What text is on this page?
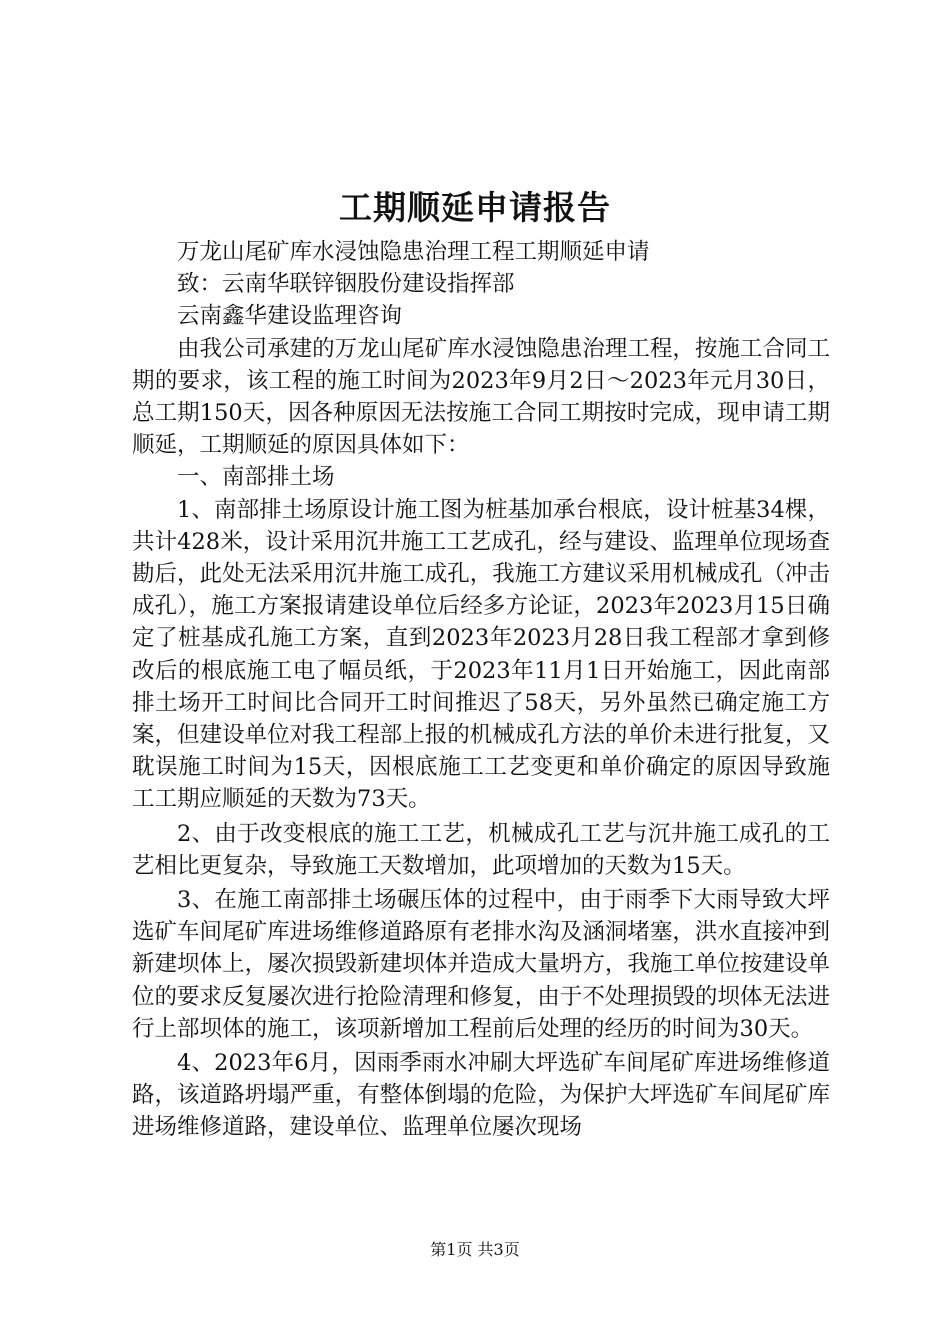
工期顺延申请报告

万龙山尾矿库水浸蚀隐患治理工程工期顺延申请

致：云南华联锌铟股份建设指挥部

云南鑫华建设监理咨询

由我公司承建的万龙山尾矿库水浸蚀隐患治理工程，按施工合同工期的要求，该工程的施工时间为2023年9月2日～2023年元月30日，总工期150天，因各种原因无法按施工合同工期按时完成，现申请工期顺延，工期顺延的原因具体如下：

一、南部排土场

1、南部排土场原设计施工图为桩基加承台根底，设计桩基34棵，共计428米，设计采用沉井施工工艺成孔，经与建设、监理单位现场查勘后，此处无法采用沉井施工成孔，我施工方建议采用机械成孔（冲击成孔），施工方案报请建设单位后经多方论证，2023年2023月15日确定了桩基成孔施工方案，直到2023年2023月28日我工程部才拿到修改后的根底施工电了幅员纸，于2023年11月1日开始施工，因此南部排土场开工时间比合同开工时间推迟了58天，另外虽然已确定施工方案，但建设单位对我工程部上报的机械成孔方法的单价未进行批复，又耽误施工时间为15天，因根底施工工艺变更和单价确定的原因导致施工工期应顺延的天数为73天。

2、由于改变根底的施工工艺，机械成孔工艺与沉井施工成孔的工艺相比更复杂，导致施工天数增加，此项增加的天数为15天。

3、在施工南部排土场碾压体的过程中，由于雨季下大雨导致大坪选矿车间尾矿库进场维修道路原有老排水沟及涵洞堵塞，洪水直接冲到新建坝体上，屡次损毁新建坝体并造成大量坍方，我施工单位按建设单位的要求反复屡次进行抢险清理和修复，由于不处理损毁的坝体无法进行上部坝体的施工，该项新增加工程前后处理的经历的时间为30天。

4、2023年6月，因雨季雨水冲刷大坪选矿车间尾矿库进场维修道路，该道路坍塌严重，有整体倒塌的危险，为保护大坪选矿车间尾矿库进场维修道路，建设单位、监理单位屡次现场

第1页 共3页
